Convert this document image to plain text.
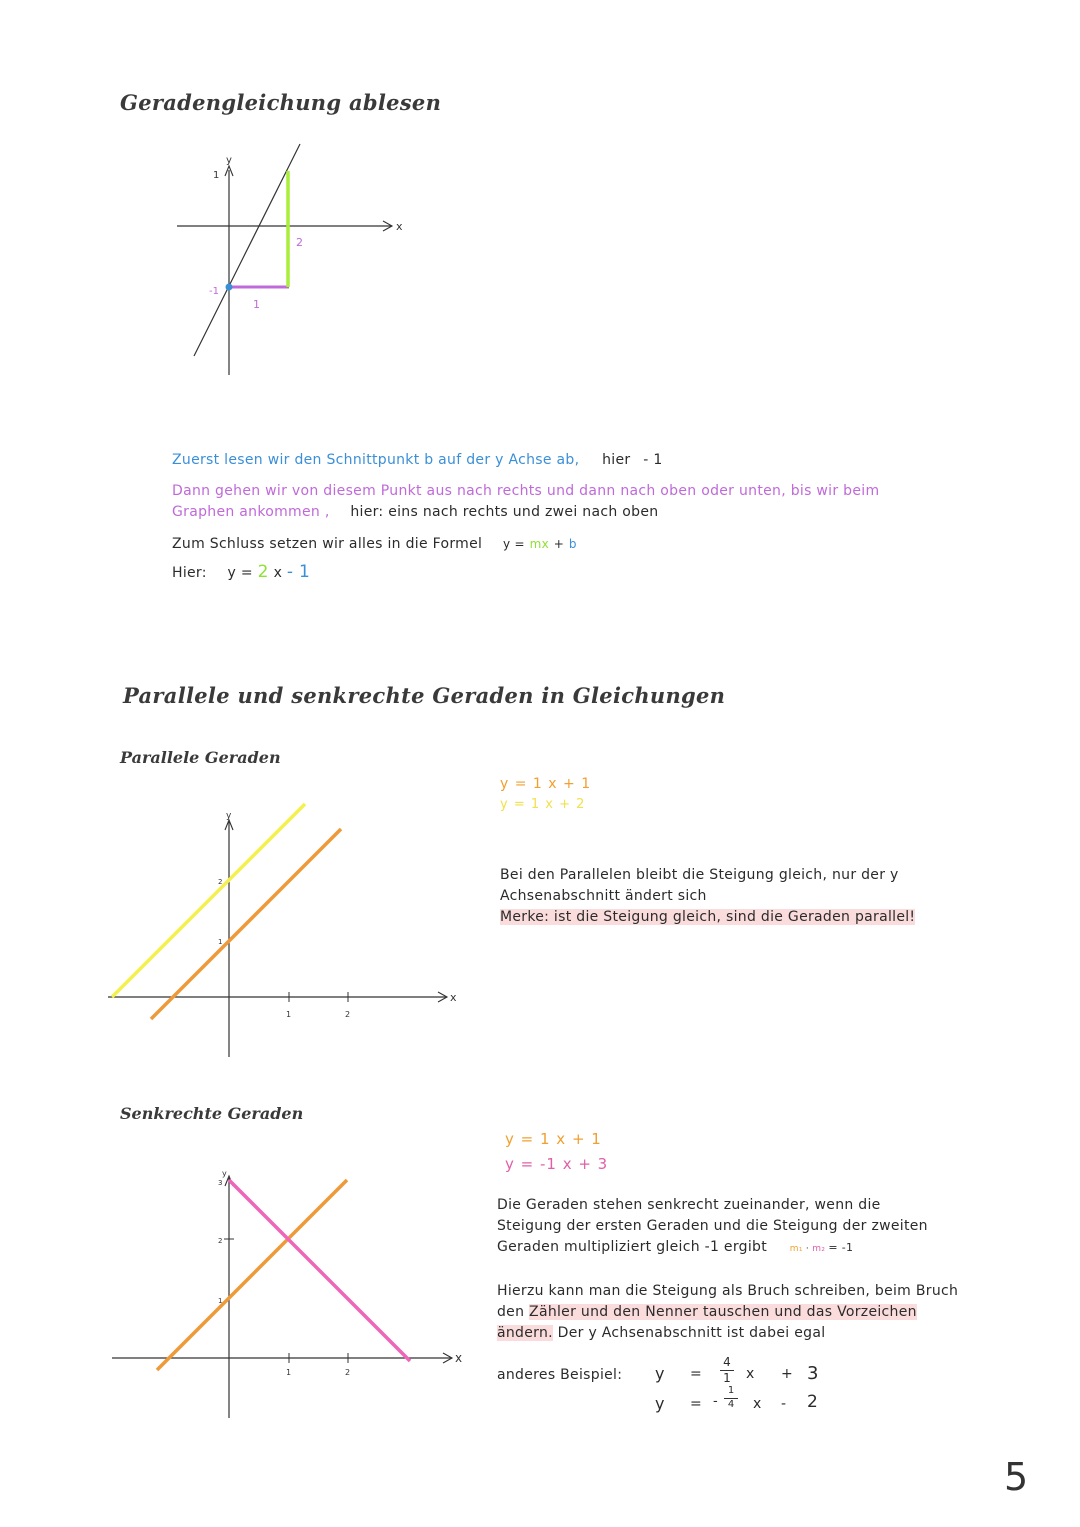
Geradengleichung ablesen
y
x
1
-1
1
2
Zuerst lesen wir den Schnittpunkt b auf der y Achse ab, hier - 1
Dann gehen wir von diesem Punkt aus nach rechts und dann nach oben oder unten, bis wir beim
Graphen ankommen , hier: eins nach rechts und zwei nach oben
Zum Schluss setzen wir alles in die Formel y = mx + b
Hier: y = 2 x - 1
Parallele und senkrechte Geraden in Gleichungen
Parallele Geraden
y = 1 x + 1
y = 1 x + 2
y
x
1	2
1
2	Bei den Parallelen bleibt die Steigung gleich, nur der y
Achsenabschnitt ändert sich
Merke: ist die Steigung gleich, sind die Geraden parallel!
Senkrechte Geraden
y = 1 x + 1
y = -1 x + 3
y
x
1	2
1
2
3
Die Geraden stehen senkrecht zueinander, wenn die
Steigung der ersten Geraden und die Steigung der zweiten
Geraden multipliziert gleich -1 ergibt	m₁ · m₂ = -1
Hierzu kann man die Steigung als Bruch schreiben, beim Bruch
den Zähler und den Nenner tauschen und das Vorzeichen
ändern. Der y Achsenabschnitt ist dabei egal
anderes Beispiel: y =
4
1 x + 3
y = -
1
4 x - 2
5
